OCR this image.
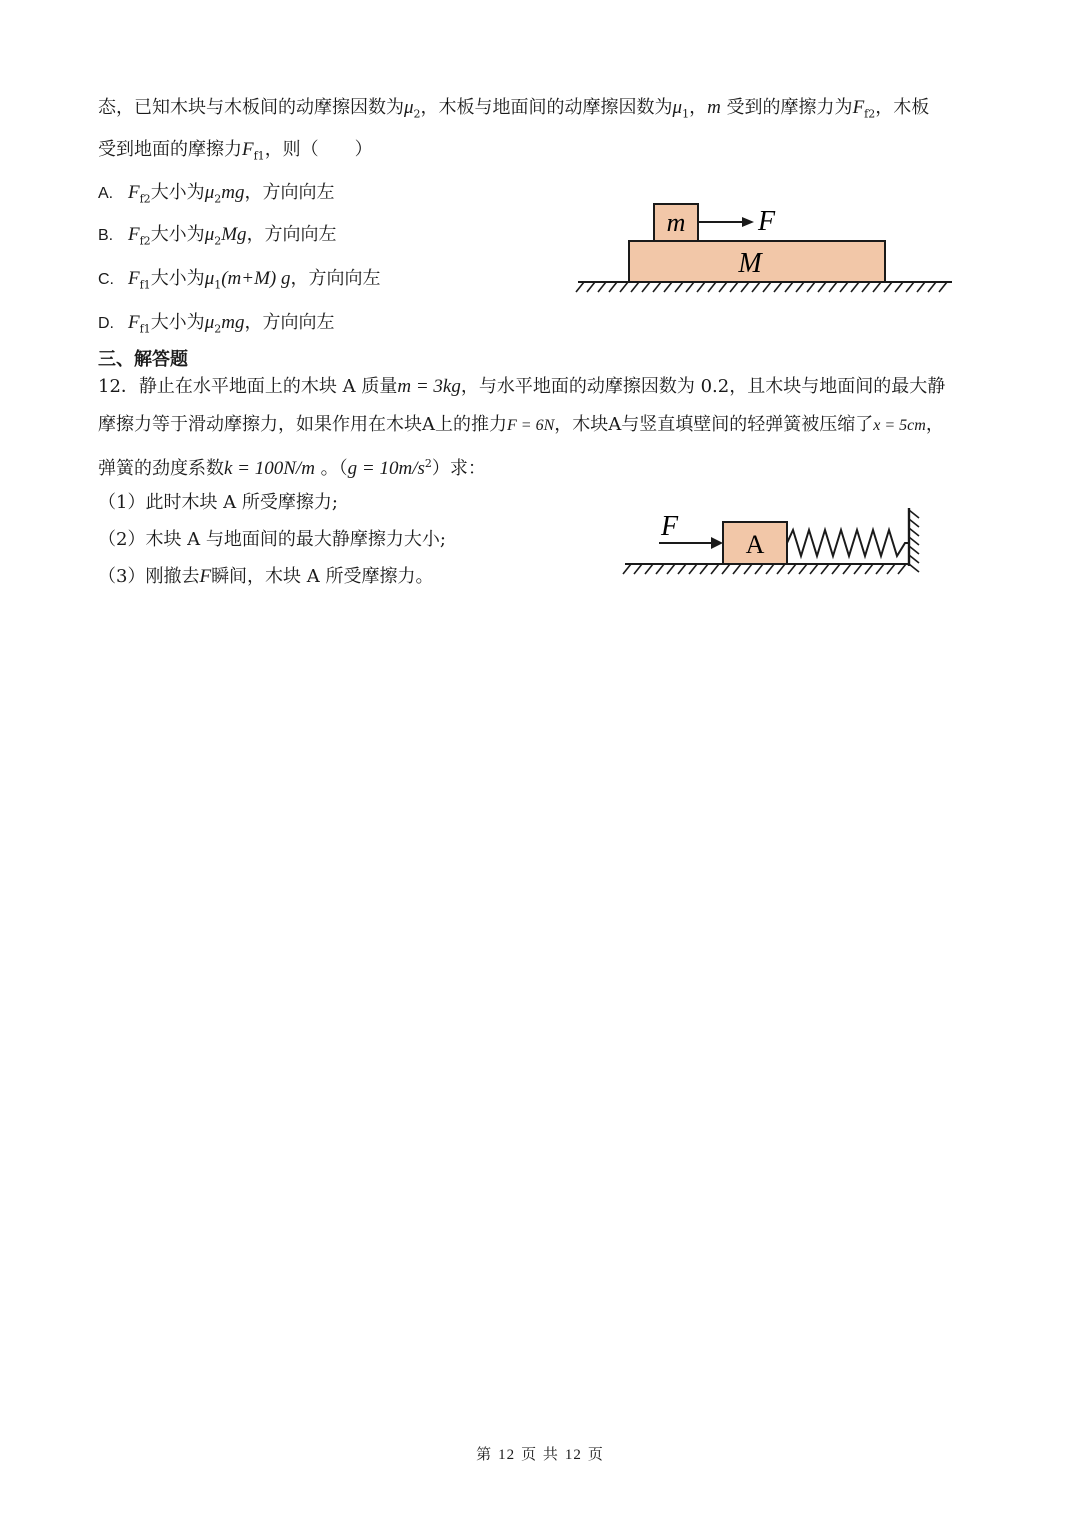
态，已知木块与木板间的动摩擦因数为$\mu_2$，木板与地面间的动摩擦因数为$\mu_1$，m 受到的摩擦力为$F_{f2}$，木板
受到地面的摩擦力$F_{f1}$，则（　　）
A. $F_{f2}$大小为$\mu_2mg$，方向向左
B. $F_{f2}$大小为$\mu_2Mg$，方向向左
C. $F_{f1}$大小为$\mu_1(m+M)$ g，方向向左
D. $F_{f1}$大小为$\mu_2mg$，方向向左
m	F
M
三、解答题
12．静止在水平地面上的木块 A 质量m = 3kg，与水平地面的动摩擦因数为 0.2，且木块与地面间的最大静
摩擦力等于滑动摩擦力，如果作用在木块A上的推力F = 6N，木块A与竖直填壁间的轻弹簧被压缩了x = 5cm，
弹簧的劲度系数k = 100N/m 。$(g = 10m/s^2)$求：
（1）此时木块 A 所受摩擦力;
（2）木块 A 与地面间的最大静摩擦力大小;
（3）刚撤去F瞬间，木块 A 所受摩擦力。
F
A
第 12 页 共 12 页
